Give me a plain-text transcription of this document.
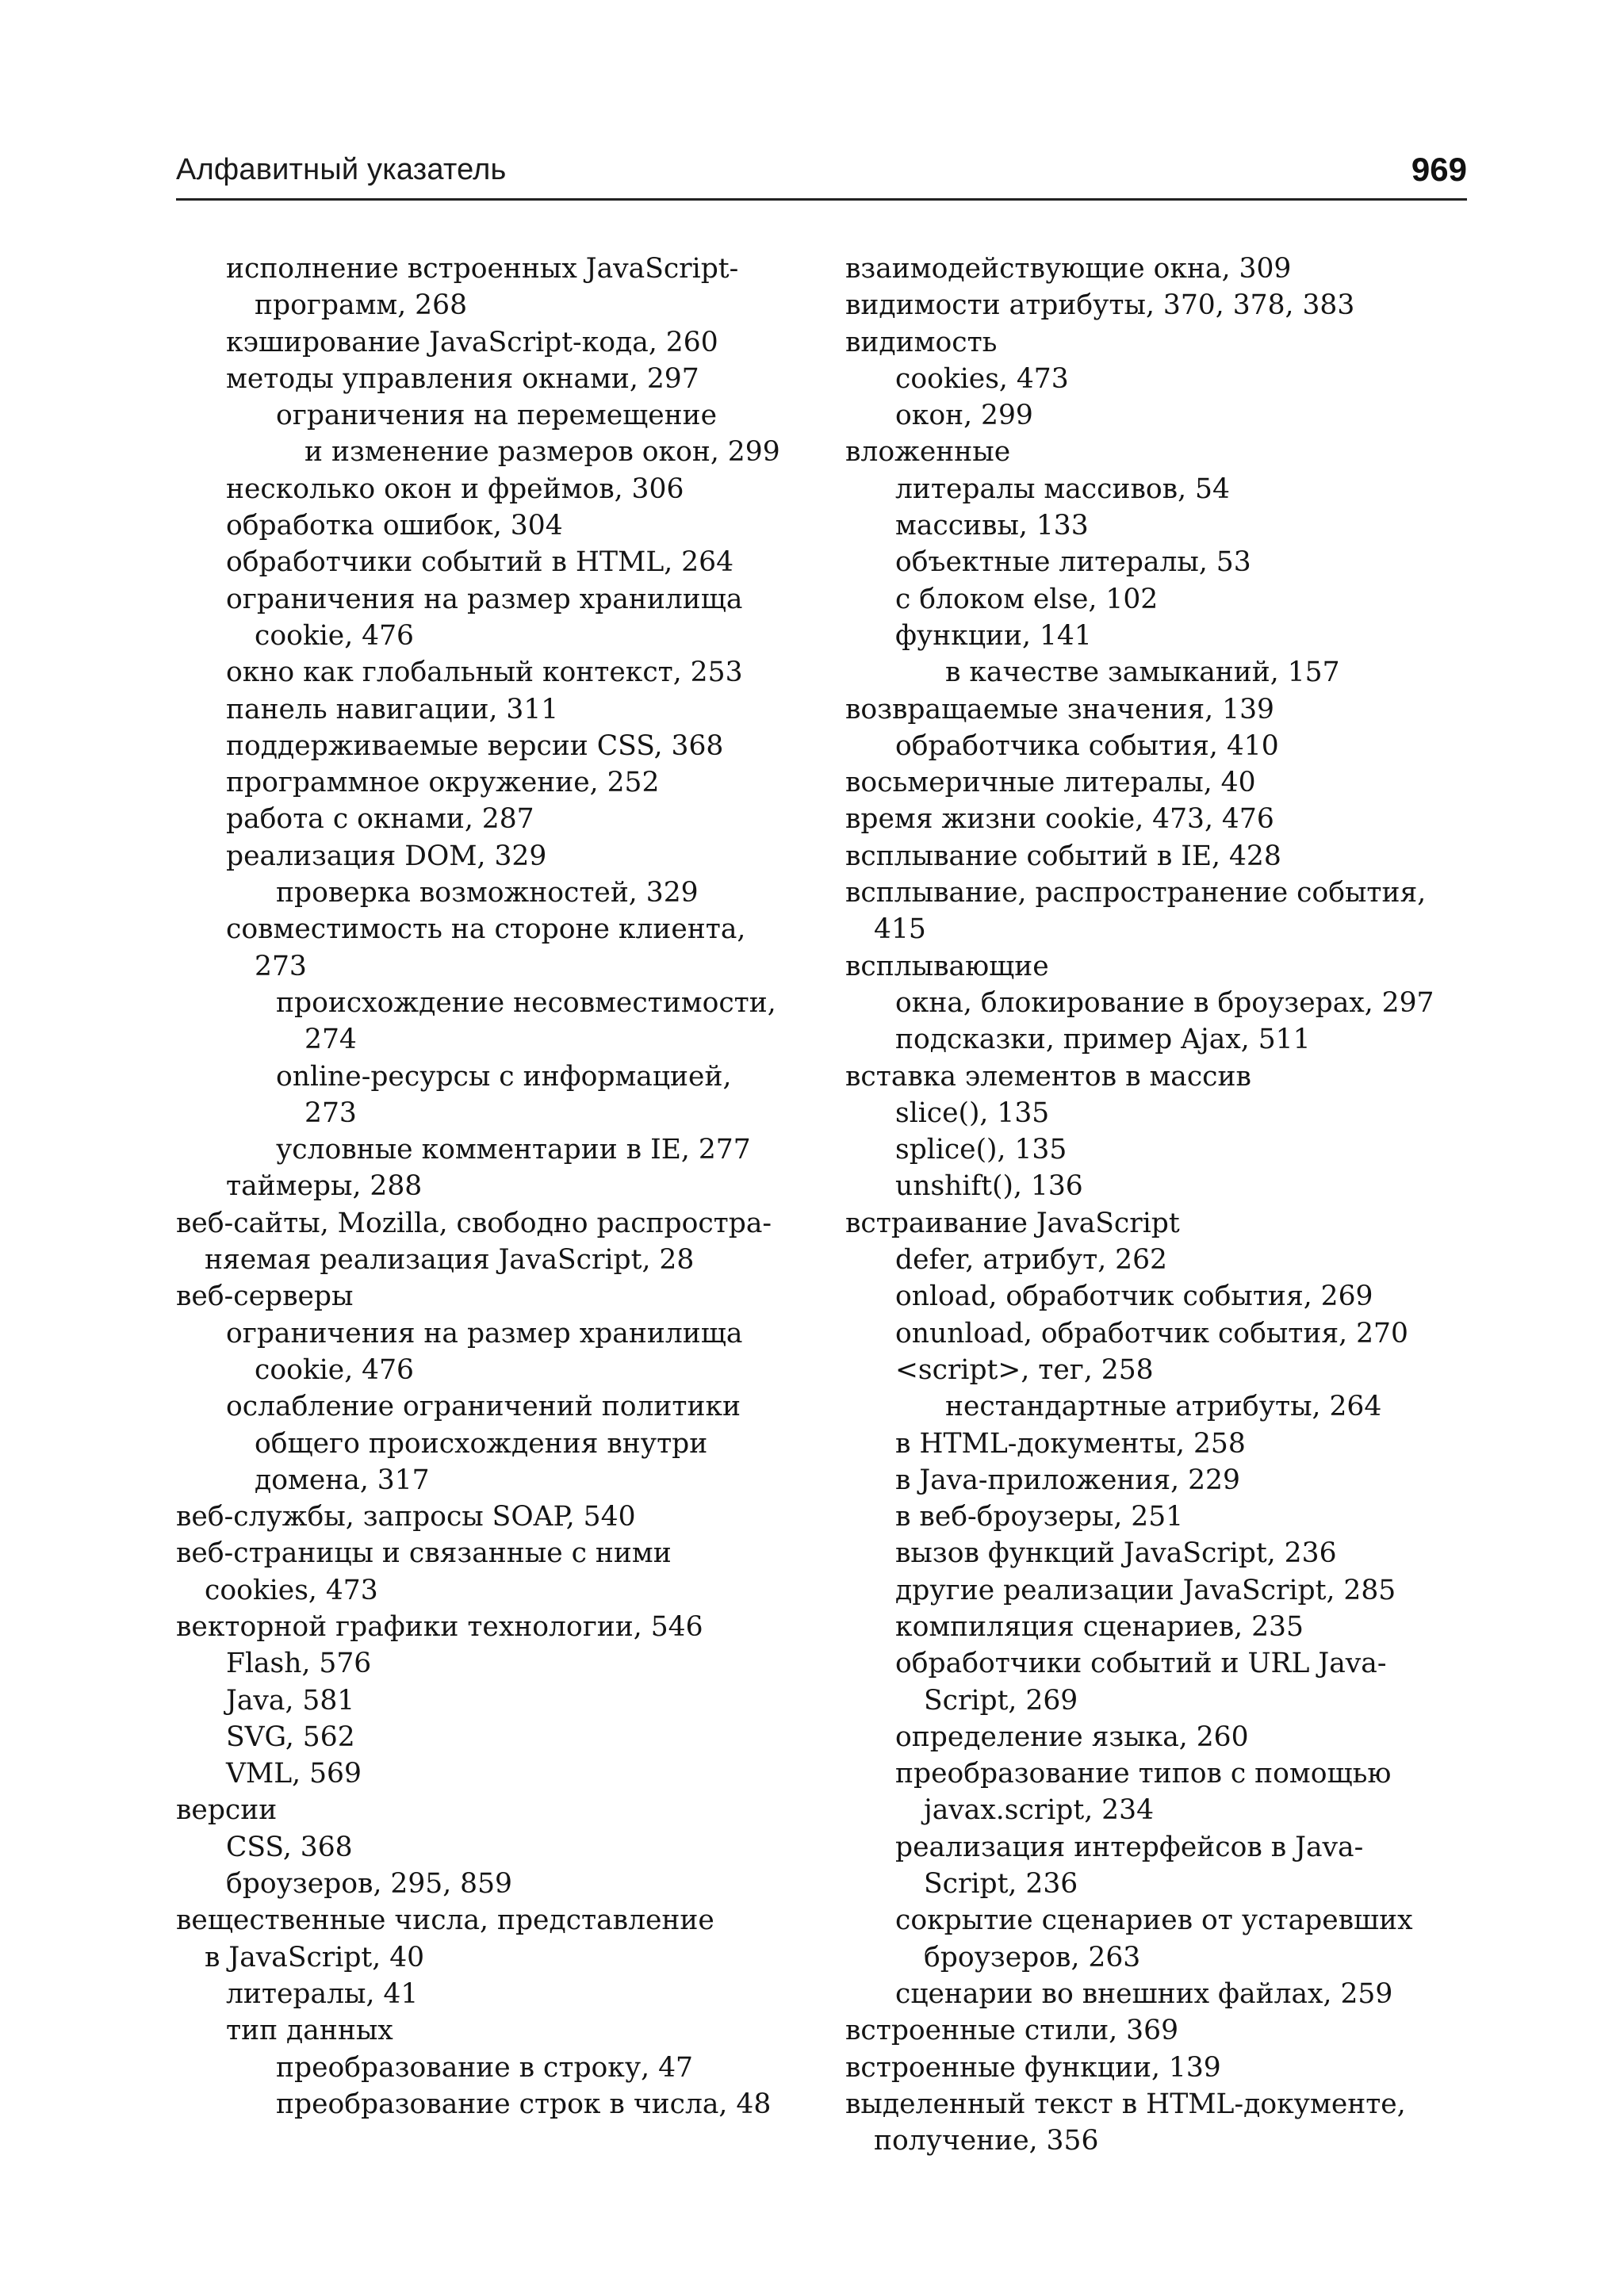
Алфавитный указатель	969
исполнение встроенных JavaScript-
программ, 268
кэширование JavaScript-кода, 260
методы управления окнами, 297
ограничения на перемещение
и изменение размеров окон, 299
несколько окон и фреймов, 306
обработка ошибок, 304
обработчики событий в HTML, 264
ограничения на размер хранилища
cookie, 476
окно как глобальный контекст, 253
панель навигации, 311
поддерживаемые версии CSS, 368
программное окружение, 252
работа с окнами, 287
реализация DOM, 329
проверка возможностей, 329
совместимость на стороне клиента,
273
происхождение несовместимости,
274
online-ресурсы с информацией,
273
условные комментарии в IE, 277
таймеры, 288
веб-сайты, Mozilla, свободно распростра-
няемая реализация JavaScript, 28
веб-серверы
ограничения на размер хранилища
cookie, 476
ослабление ограничений политики
общего происхождения внутри
домена, 317
веб-службы, запросы SOAP, 540
веб-страницы и связанные с ними
cookies, 473
векторной графики технологии, 546
Flash, 576
Java, 581
SVG, 562
VML, 569
версии
CSS, 368
броузеров, 295, 859
вещественные числа, представление
в JavaScript, 40
литералы, 41
тип данных
преобразование в строку, 47
преобразование строк в числа, 48
взаимодействующие окна, 309
видимости атрибуты, 370, 378, 383
видимость
cookies, 473
окон, 299
вложенные
литералы массивов, 54
массивы, 133
объектные литералы, 53
с блоком else, 102
функции, 141
в качестве замыканий, 157
возвращаемые значения, 139
обработчика события, 410
восьмеричные литералы, 40
время жизни cookie, 473, 476
всплывание событий в IE, 428
всплывание, распространение события,
415
всплывающие
окна, блокирование в броузерах, 297
подсказки, пример Ajax, 511
вставка элементов в массив
slice(), 135
splice(), 135
unshift(), 136
встраивание JavaScript
defer, атрибут, 262
onload, обработчик события, 269
onunload, обработчик события, 270
<script>, тег, 258
нестандартные атрибуты, 264
в HTML-документы, 258
в Java-приложения, 229
в веб-броузеры, 251
вызов функций JavaScript, 236
другие реализации JavaScript, 285
компиляция сценариев, 235
обработчики событий и URL Java-
Script, 269
определение языка, 260
преобразование типов с помощью
javax.script, 234
реализация интерфейсов в Java-
Script, 236
сокрытие сценариев от устаревших
броузеров, 263
сценарии во внешних файлах, 259
встроенные стили, 369
встроенные функции, 139
выделенный текст в HTML-документе,
получение, 356
